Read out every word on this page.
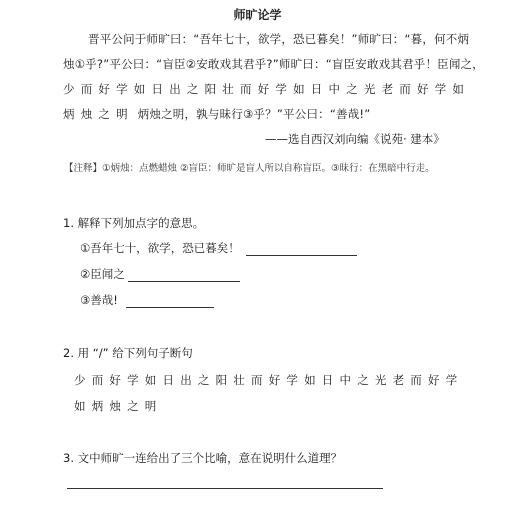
师旷论学
晋平公问于师旷曰：“吾年七十，欲学，恐已暮矣！”师旷曰：“暮，何不炳
烛①乎?”平公曰：“盲臣②安敢戏其君乎?”师旷曰：“盲臣安敢戏其君乎！臣闻之，
少而好学如日出之阳壮而好学如日中之光老而好学如
炳烛之明 炳烛之明，孰与昧行③乎？”平公曰：“善哉!”
——选自西汉刘向编《说苑· 建本》
【注释】①炳烛：点燃蜡烛 ②盲臣：师旷是盲人所以自称盲臣。③昧行：在黑暗中行走。
1. 解释下列加点字的意思。
①吾年七十，欲学，恐已暮矣！
②臣闻之
③善哉!
2. 用 “/” 给下列句子断句
少而好学如日出之阳壮而好学如日中之光老而好学
如炳烛之明
3. 文中师旷一连给出了三个比喻，意在说明什么道理？
